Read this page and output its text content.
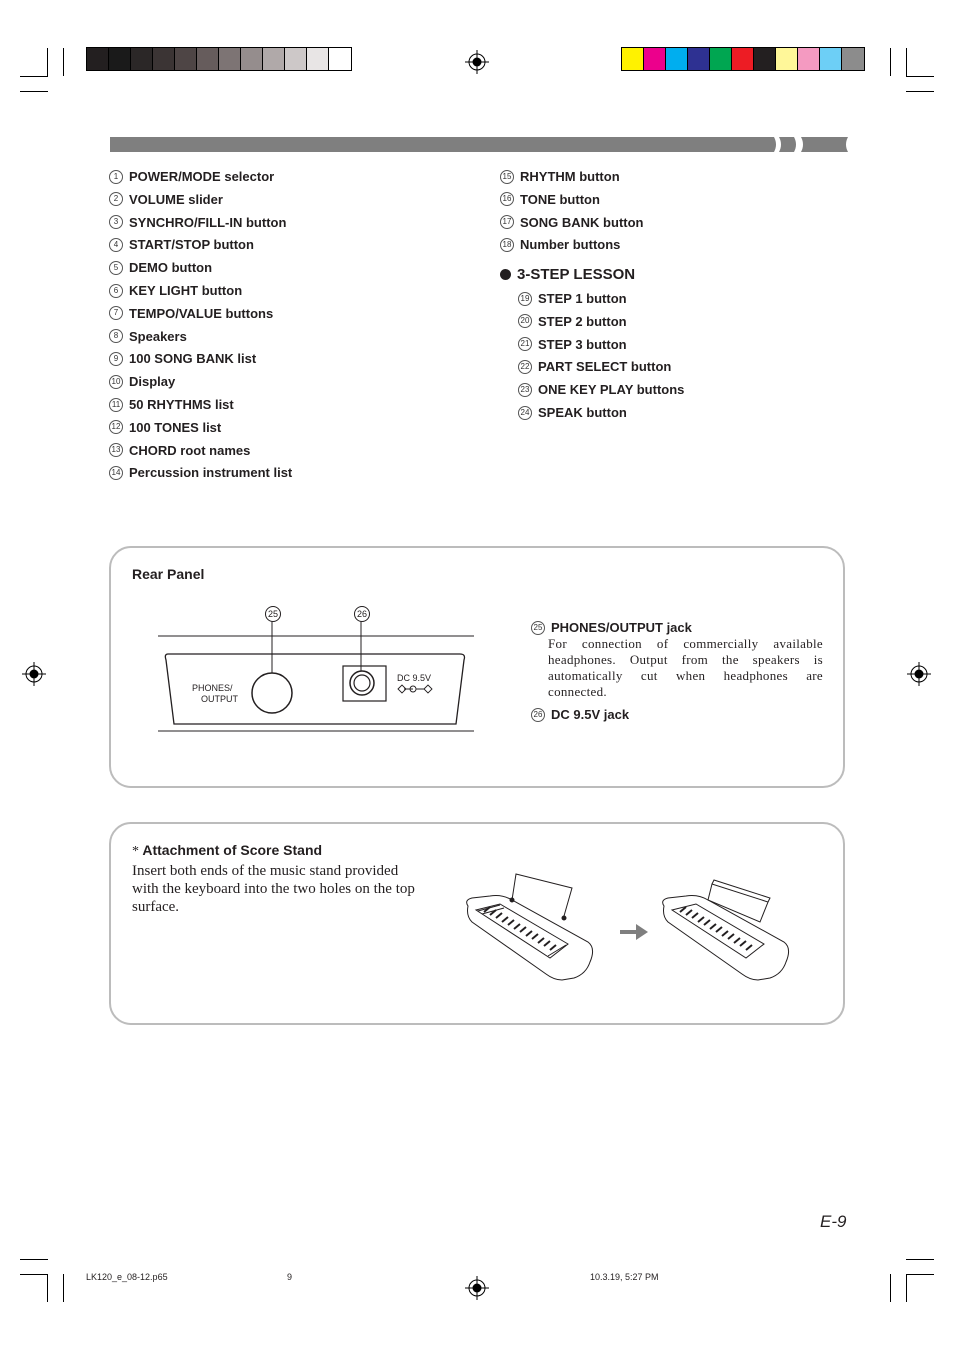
1 POWER/MODE selector
2 VOLUME slider
3 SYNCHRO/FILL-IN button
4 START/STOP button
5 DEMO button
6 KEY LIGHT button
7 TEMPO/VALUE buttons
8 Speakers
9 100 SONG BANK list
10 Display
11 50 RHYTHMS list
12 100 TONES list
13 CHORD root names
14 Percussion instrument list
15 RHYTHM button
16 TONE button
17 SONG BANK button
18 Number buttons
3-STEP LESSON
19 STEP 1 button
20 STEP 2 button
21 STEP 3 button
22 PART SELECT button
23 ONE KEY PLAY buttons
24 SPEAK button
Rear Panel
25	26
PHONES/
OUTPUT
DC 9.5V
25 PHONES/OUTPUT jack
For connection of commercially available headphones. Output from the speakers is automatically cut when headphones are connected.
26 DC 9.5V jack
* Attachment of Score Stand
Insert both ends of the music stand provided with the keyboard into the two holes on the top surface.
E-9
LK120_e_08-12.p65	9	10.3.19, 5:27 PM
